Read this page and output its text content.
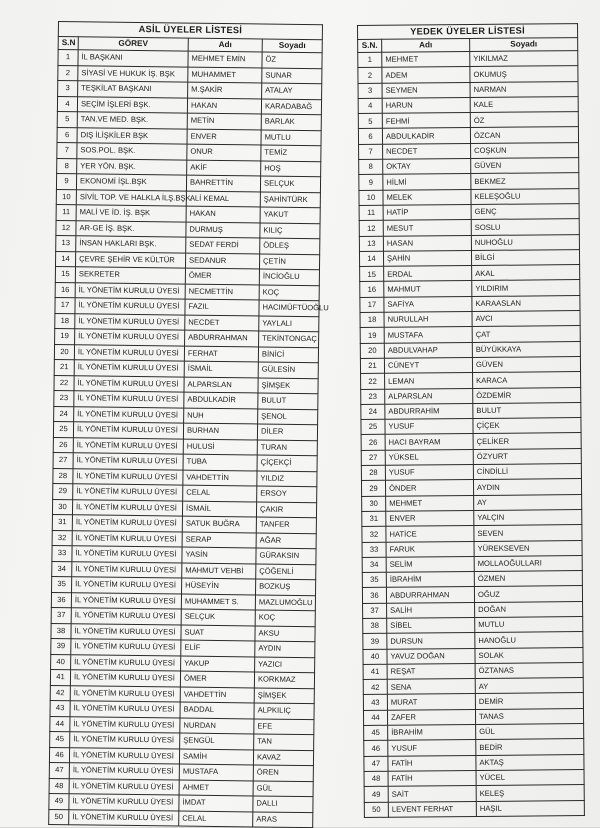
ASİL ÜYELER LİSTESİ			
S.N	GÖREV	Adı	Soyadı
1	İL BAŞKANI	MEHMET EMİN	ÖZ
2	SİYASİ VE HUKUK İŞ. BŞK	MUHAMMET	SUNAR
3	TEŞKİLAT BAŞKANI	M.ŞAKİR	ATALAY
4	SEÇİM İŞLERİ BŞK.	HAKAN	KARADABAĞ
5	TAN.VE MED. BŞK.	METİN	BARLAK
6	DIŞ İLİŞKİLER BŞK	ENVER	MUTLU
7	SOS.POL. BŞK.	ONUR	TEMİZ
8	YER YÖN. BŞK.	AKİF	HOŞ
9	EKONOMİ İŞL.BŞK	BAHRETTİN	SELÇUK
10	SİVİL TOP. VE HALKLA İLŞ.BŞK.	ALİ KEMAL	ŞAHİNTÜRK
11	MALİ VE İD. İŞ. BŞK	HAKAN	YAKUT
12	AR-GE İŞ. BŞK.	DURMUŞ	KILIÇ
13	İNSAN HAKLARI BŞK.	SEDAT FERDİ	ÖDLEŞ
14	ÇEVRE ŞEHİR VE KÜLTÜR	SEDANUR	ÇETİN
15	SEKRETER	ÖMER	İNCİOĞLU
16	İL YÖNETİM KURULU ÜYESİ	NECMETTİN	KOÇ
17	İL YÖNETİM KURULU ÜYESİ	FAZIL	HACIMÜFTÜOĞLU
18	İL YÖNETİM KURULU ÜYESİ	NECDET	YAYLALI
19	İL YÖNETİM KURULU ÜYESİ	ABDURRAHMAN	TEKİNTONGAÇ
20	İL YÖNETİM KURULU ÜYESİ	FERHAT	BİNİCİ
21	İL YÖNETİM KURULU ÜYESİ	İSMAİL	GÜLESİN
22	İL YÖNETİM KURULU ÜYESİ	ALPARSLAN	ŞİMŞEK
23	İL YÖNETİM KURULU ÜYESİ	ABDULKADİR	BULUT
24	İL YÖNETİM KURULU ÜYESİ	NUH	ŞENOL
25	İL YÖNETİM KURULU ÜYESİ	BURHAN	DİLER
26	İL YÖNETİM KURULU ÜYESİ	HULUSİ	TURAN
27	İL YÖNETİM KURULU ÜYESİ	TUBA	ÇİÇEKÇİ
28	İL YÖNETİM KURULU ÜYESİ	VAHDETTİN	YILDIZ
29	İL YÖNETİM KURULU ÜYESİ	CELAL	ERSOY
30	İL YÖNETİM KURULU ÜYESİ	İSMAİL	ÇAKIR
31	İL YÖNETİM KURULU ÜYESİ	SATUK BUĞRA	TANFER
32	İL YÖNETİM KURULU ÜYESİ	SERAP	AĞAR
33	İL YÖNETİM KURULU ÜYESİ	YASİN	GÜRAKSIN
34	İL YÖNETİM KURULU ÜYESİ	MAHMUT VEHBİ	ÇÖĞENLİ
35	İL YÖNETİM KURULU ÜYESİ	HÜSEYİN	BOZKUŞ
36	İL YÖNETİM KURULU ÜYESİ	MUHAMMET S.	MAZLUMOĞLU
37	İL YÖNETİM KURULU ÜYESİ	SELÇUK	KOÇ
38	İL YÖNETİM KURULU ÜYESİ	SUAT	AKSU
39	İL YÖNETİM KURULU ÜYESİ	ELİF	AYDIN
40	İL YÖNETİM KURULU ÜYESİ	YAKUP	YAZICI
41	İL YÖNETİM KURULU ÜYESİ	ÖMER	KORKMAZ
42	İL YÖNETİM KURULU ÜYESİ	VAHDETTİN	ŞİMŞEK
43	İL YÖNETİM KURULU ÜYESİ	BADDAL	ALPKILIÇ
44	İL YÖNETİM KURULU ÜYESİ	NURDAN	EFE
45	İL YÖNETİM KURULU ÜYESİ	ŞENGÜL	TAN
46	İL YÖNETİM KURULU ÜYESİ	SAMİH	KAVAZ
47	İL YÖNETİM KURULU ÜYESİ	MUSTAFA	ÖREN
48	İL YÖNETİM KURULU ÜYESİ	AHMET	GÜL
49	İL YÖNETİM KURULU ÜYESİ	İMDAT	DALLI
50	İL YÖNETİM KURULU ÜYESİ	CELAL	ARAS
YEDEK ÜYELER LİSTESİ		
S.N.	Adı	Soyadı
1	MEHMET	YIKILMAZ
2	ADEM	OKUMUŞ
3	SEYMEN	NARMAN
4	HARUN	KALE
5	FEHMİ	ÖZ
6	ABDULKADİR	ÖZCAN
7	NECDET	COŞKUN
8	OKTAY	GÜVEN
9	HİLMİ	BEKMEZ
10	MELEK	KELEŞOĞLU
11	HATİP	GENÇ
12	MESUT	SOSLU
13	HASAN	NUHOĞLU
14	ŞAHİN	BİLGİ
15	ERDAL	AKAL
16	MAHMUT	YILDIRIM
17	SAFİYA	KARAASLAN
18	NURULLAH	AVCI
19	MUSTAFA	ÇAT
20	ABDULVAHAP	BÜYÜKKAYA
21	CÜNEYT	GÜVEN
22	LEMAN	KARACA
23	ALPARSLAN	ÖZDEMİR
24	ABDURRAHİM	BULUT
25	YUSUF	ÇİÇEK
26	HACI BAYRAM	ÇELİKER
27	YÜKSEL	ÖZYURT
28	YUSUF	CİNDİLLİ
29	ÖNDER	AYDIN
30	MEHMET	AY
31	ENVER	YALÇIN
32	HATİCE	SEVEN
33	FARUK	YÜREKSEVEN
34	SELİM	MOLLAOĞULLARI
35	İBRAHİM	ÖZMEN
36	ABDURRAHMAN	OĞUZ
37	SALİH	DOĞAN
38	SİBEL	MUTLU
39	DURSUN	HANOĞLU
40	YAVUZ DOĞAN	SOLAK
41	REŞAT	ÖZTANAS
42	SENA	AY
43	MURAT	DEMİR
44	ZAFER	TANAS
45	İBRAHİM	GÜL
46	YUSUF	BEDİR
47	FATİH	AKTAŞ
48	FATİH	YÜCEL
49	SAİT	KELEŞ
50	LEVENT FERHAT	HAŞIL
